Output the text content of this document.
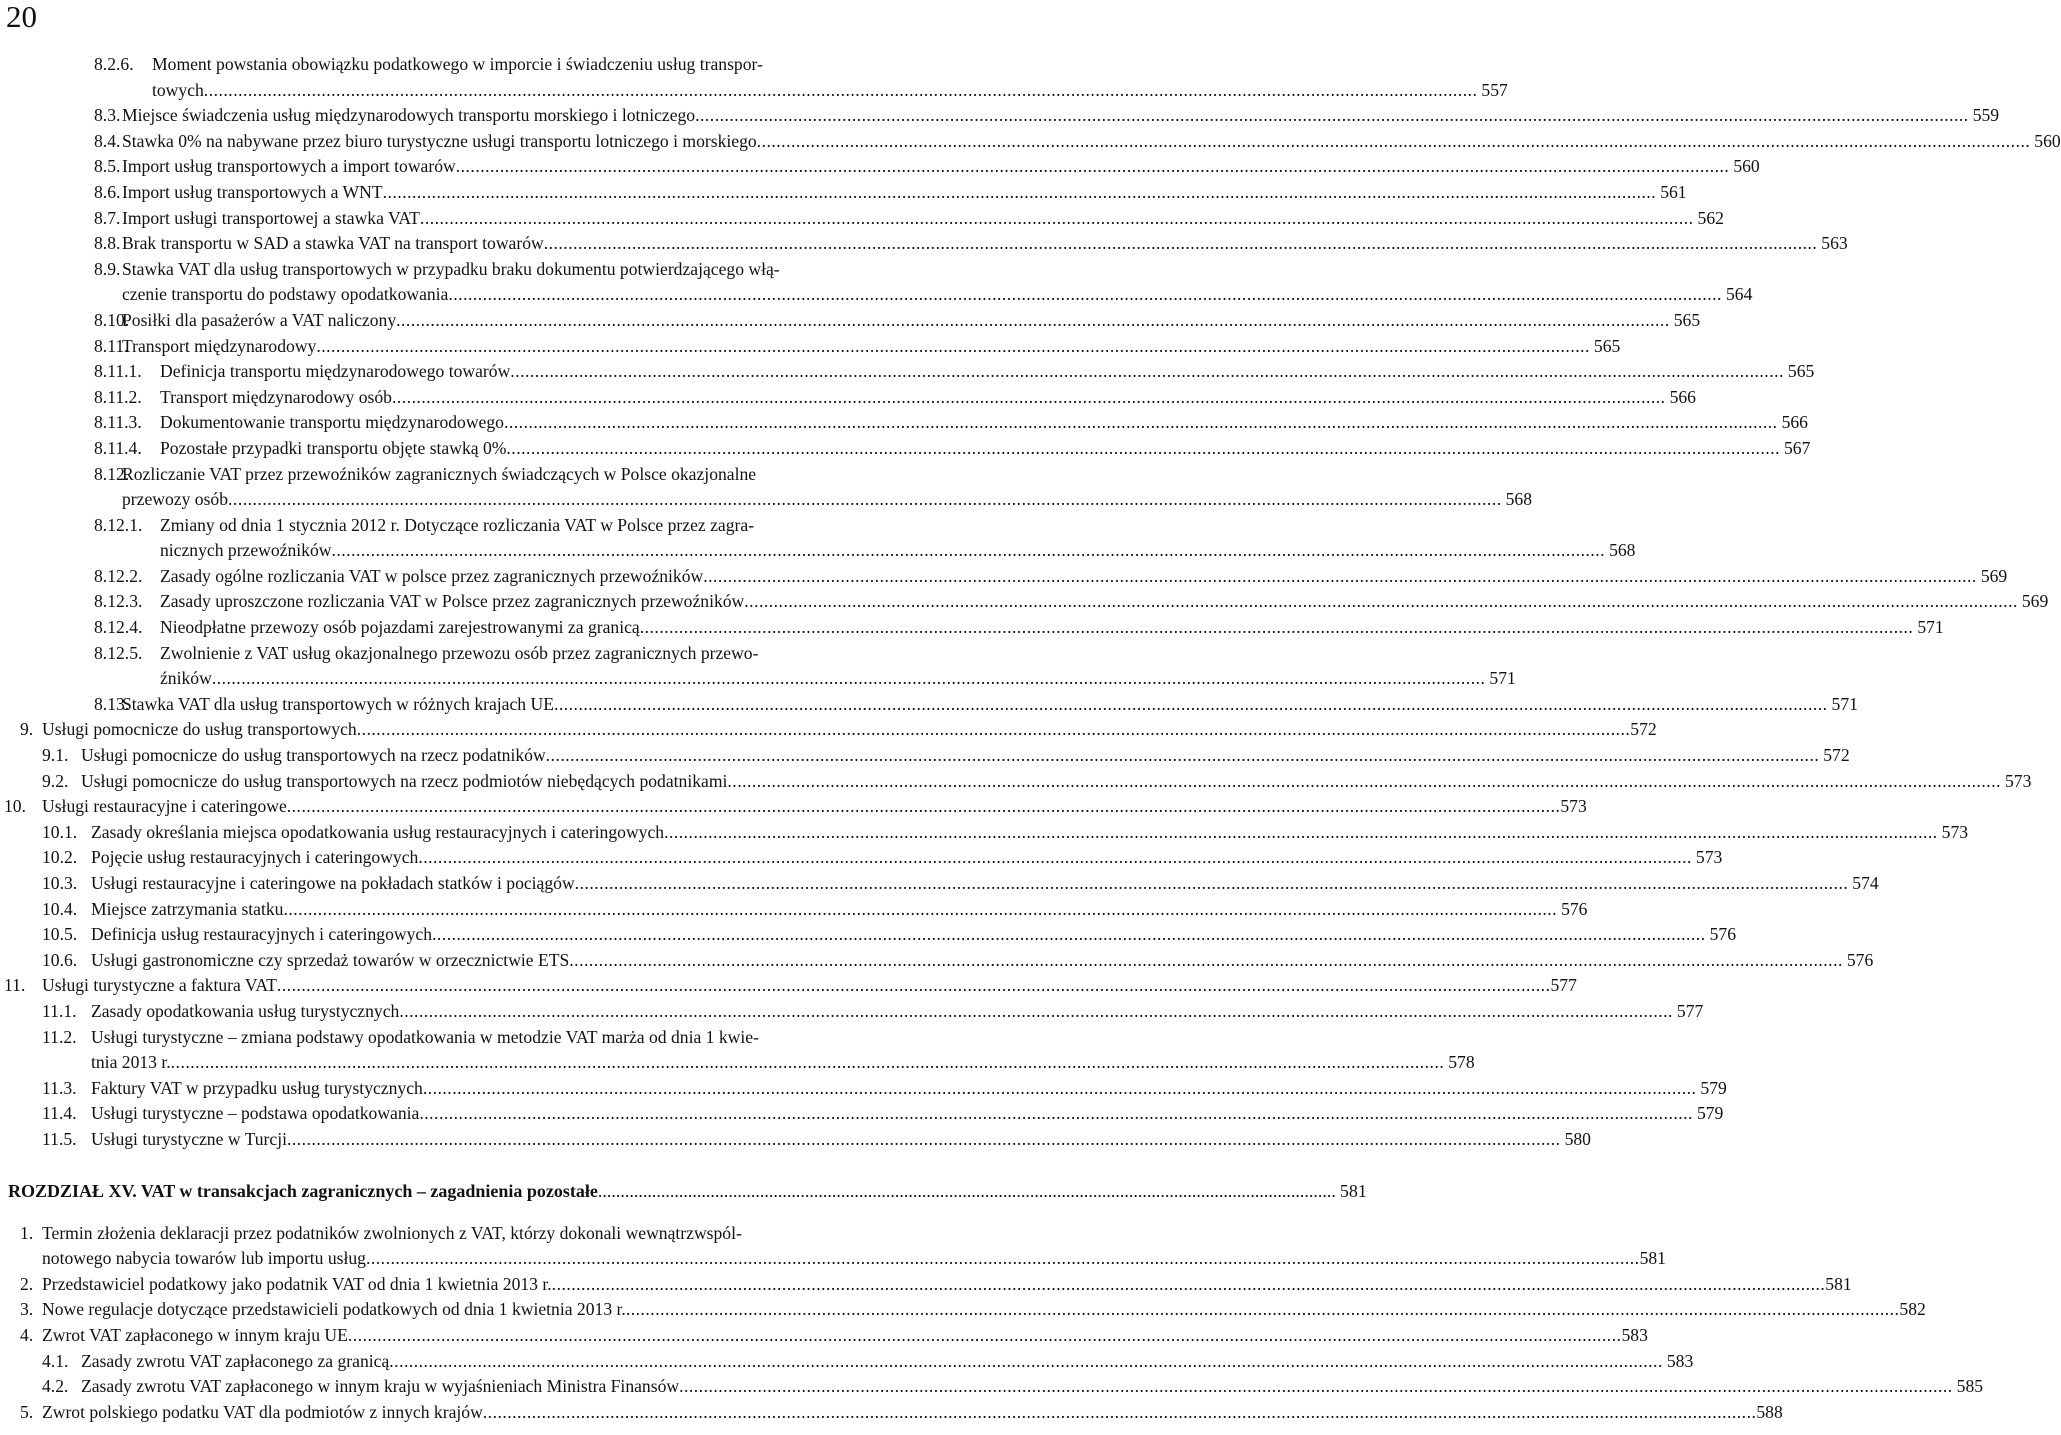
20
8.2.6. Moment powstania obowiązku podatkowego w imporcie i świadczeniu usług transpor-
towych .................................................................................................................................................................................................................................................................... 557
8.3. Miejsce świadczenia usług międzynarodowych transportu morskiego i lotniczego .................................................................................................................................................................................................................................................................... 559
8.4. Stawka 0% na nabywane przez biuro turystyczne usługi transportu lotniczego i morskiego .................................................................................................................................................................................................................................................................... 560
8.5. Import usług transportowych a import towarów .................................................................................................................................................................................................................................................................... 560
8.6. Import usług transportowych a WNT .................................................................................................................................................................................................................................................................... 561
8.7. Import usługi transportowej a stawka VAT .................................................................................................................................................................................................................................................................... 562
8.8. Brak transportu w SAD a stawka VAT na transport towarów .................................................................................................................................................................................................................................................................... 563
8.9. Stawka VAT dla usług transportowych w przypadku braku dokumentu potwierdzającego włą-
czenie transportu do podstawy opodatkowania .................................................................................................................................................................................................................................................................... 564
8.10.
Posiłki dla pasażerów a VAT naliczony .................................................................................................................................................................................................................................................................... 565
8.11.
Transport międzynarodowy .................................................................................................................................................................................................................................................................... 565
8.11.1. Definicja transportu międzynarodowego towarów .................................................................................................................................................................................................................................................................... 565
8.11.2. Transport międzynarodowy osób .................................................................................................................................................................................................................................................................... 566
8.11.3. Dokumentowanie transportu międzynarodowego .................................................................................................................................................................................................................................................................... 566
8.11.4. Pozostałe przypadki transportu objęte stawką 0% .................................................................................................................................................................................................................................................................... 567
8.12.
Rozliczanie VAT przez przewoźników zagranicznych świadczących w Polsce okazjonalne
przewozy osób .................................................................................................................................................................................................................................................................... 568
8.12.1. Zmiany od dnia 1 stycznia 2012 r. Dotyczące rozliczania VAT w Polsce przez zagra-
nicznych przewoźników .................................................................................................................................................................................................................................................................... 568
8.12.2. Zasady ogólne rozliczania VAT w polsce przez zagranicznych przewoźników .................................................................................................................................................................................................................................................................... 569
8.12.3. Zasady uproszczone rozliczania VAT w Polsce przez zagranicznych przewoźników .................................................................................................................................................................................................................................................................... 569
8.12.4. Nieodpłatne przewozy osób pojazdami zarejestrowanymi za granicą .................................................................................................................................................................................................................................................................... 571
8.12.5. Zwolnienie z VAT usług okazjonalnego przewozu osób przez zagranicznych przewo-
źników .................................................................................................................................................................................................................................................................... 571
8.13.
Stawka VAT dla usług transportowych w różnych krajach UE .................................................................................................................................................................................................................................................................... 571
9. Usługi pomocnicze do usług transportowych .................................................................................................................................................................................................................................................................... 572
9.1. Usługi pomocnicze do usług transportowych na rzecz podatników .................................................................................................................................................................................................................................................................... 572
9.2. Usługi pomocnicze do usług transportowych na rzecz podmiotów niebędących podatnikami .................................................................................................................................................................................................................................................................... 573
10. Usługi restauracyjne i cateringowe .................................................................................................................................................................................................................................................................... 573
10.1. Zasady określania miejsca opodatkowania usług restauracyjnych i cateringowych .................................................................................................................................................................................................................................................................... 573
10.2. Pojęcie usług restauracyjnych i cateringowych .................................................................................................................................................................................................................................................................... 573
10.3. Usługi restauracyjne i cateringowe na pokładach statków i pociągów .................................................................................................................................................................................................................................................................... 574
10.4. Miejsce zatrzymania statku .................................................................................................................................................................................................................................................................... 576
10.5. Definicja usług restauracyjnych i cateringowych .................................................................................................................................................................................................................................................................... 576
10.6. Usługi gastronomiczne czy sprzedaż towarów w orzecznictwie ETS .................................................................................................................................................................................................................................................................... 576
11. Usługi turystyczne a faktura VAT .................................................................................................................................................................................................................................................................... 577
11.1. Zasady opodatkowania usług turystycznych .................................................................................................................................................................................................................................................................... 577
11.2. Usługi turystyczne – zmiana podstawy opodatkowania w metodzie VAT marża od dnia 1 kwie-
tnia 2013 r. .................................................................................................................................................................................................................................................................... 578
11.3. Faktury VAT w przypadku usług turystycznych .................................................................................................................................................................................................................................................................... 579
11.4. Usługi turystyczne – podstawa opodatkowania .................................................................................................................................................................................................................................................................... 579
11.5. Usługi turystyczne w Turcji .................................................................................................................................................................................................................................................................... 580
ROZDZIAŁ XV. VAT w transakcjach zagranicznych – zagadnienia pozostałe .................................................................................................................................................................... 581
1. Termin złożenia deklaracji przez podatników zwolnionych z VAT, którzy dokonali wewnątrzwspól-
notowego nabycia towarów lub importu usług .................................................................................................................................................................................................................................................................... 581
2. Przedstawiciel podatkowy jako podatnik VAT od dnia 1 kwietnia 2013 r. .................................................................................................................................................................................................................................................................... 581
3. Nowe regulacje dotyczące przedstawicieli podatkowych od dnia 1 kwietnia 2013 r. .................................................................................................................................................................................................................................................................... 582
4. Zwrot VAT zapłaconego w innym kraju UE .................................................................................................................................................................................................................................................................... 583
4.1. Zasady zwrotu VAT zapłaconego za granicą .................................................................................................................................................................................................................................................................... 583
4.2. Zasady zwrotu VAT zapłaconego w innym kraju w wyjaśnieniach Ministra Finansów .................................................................................................................................................................................................................................................................... 585
5. Zwrot polskiego podatku VAT dla podmiotów z innych krajów .................................................................................................................................................................................................................................................................... 588
